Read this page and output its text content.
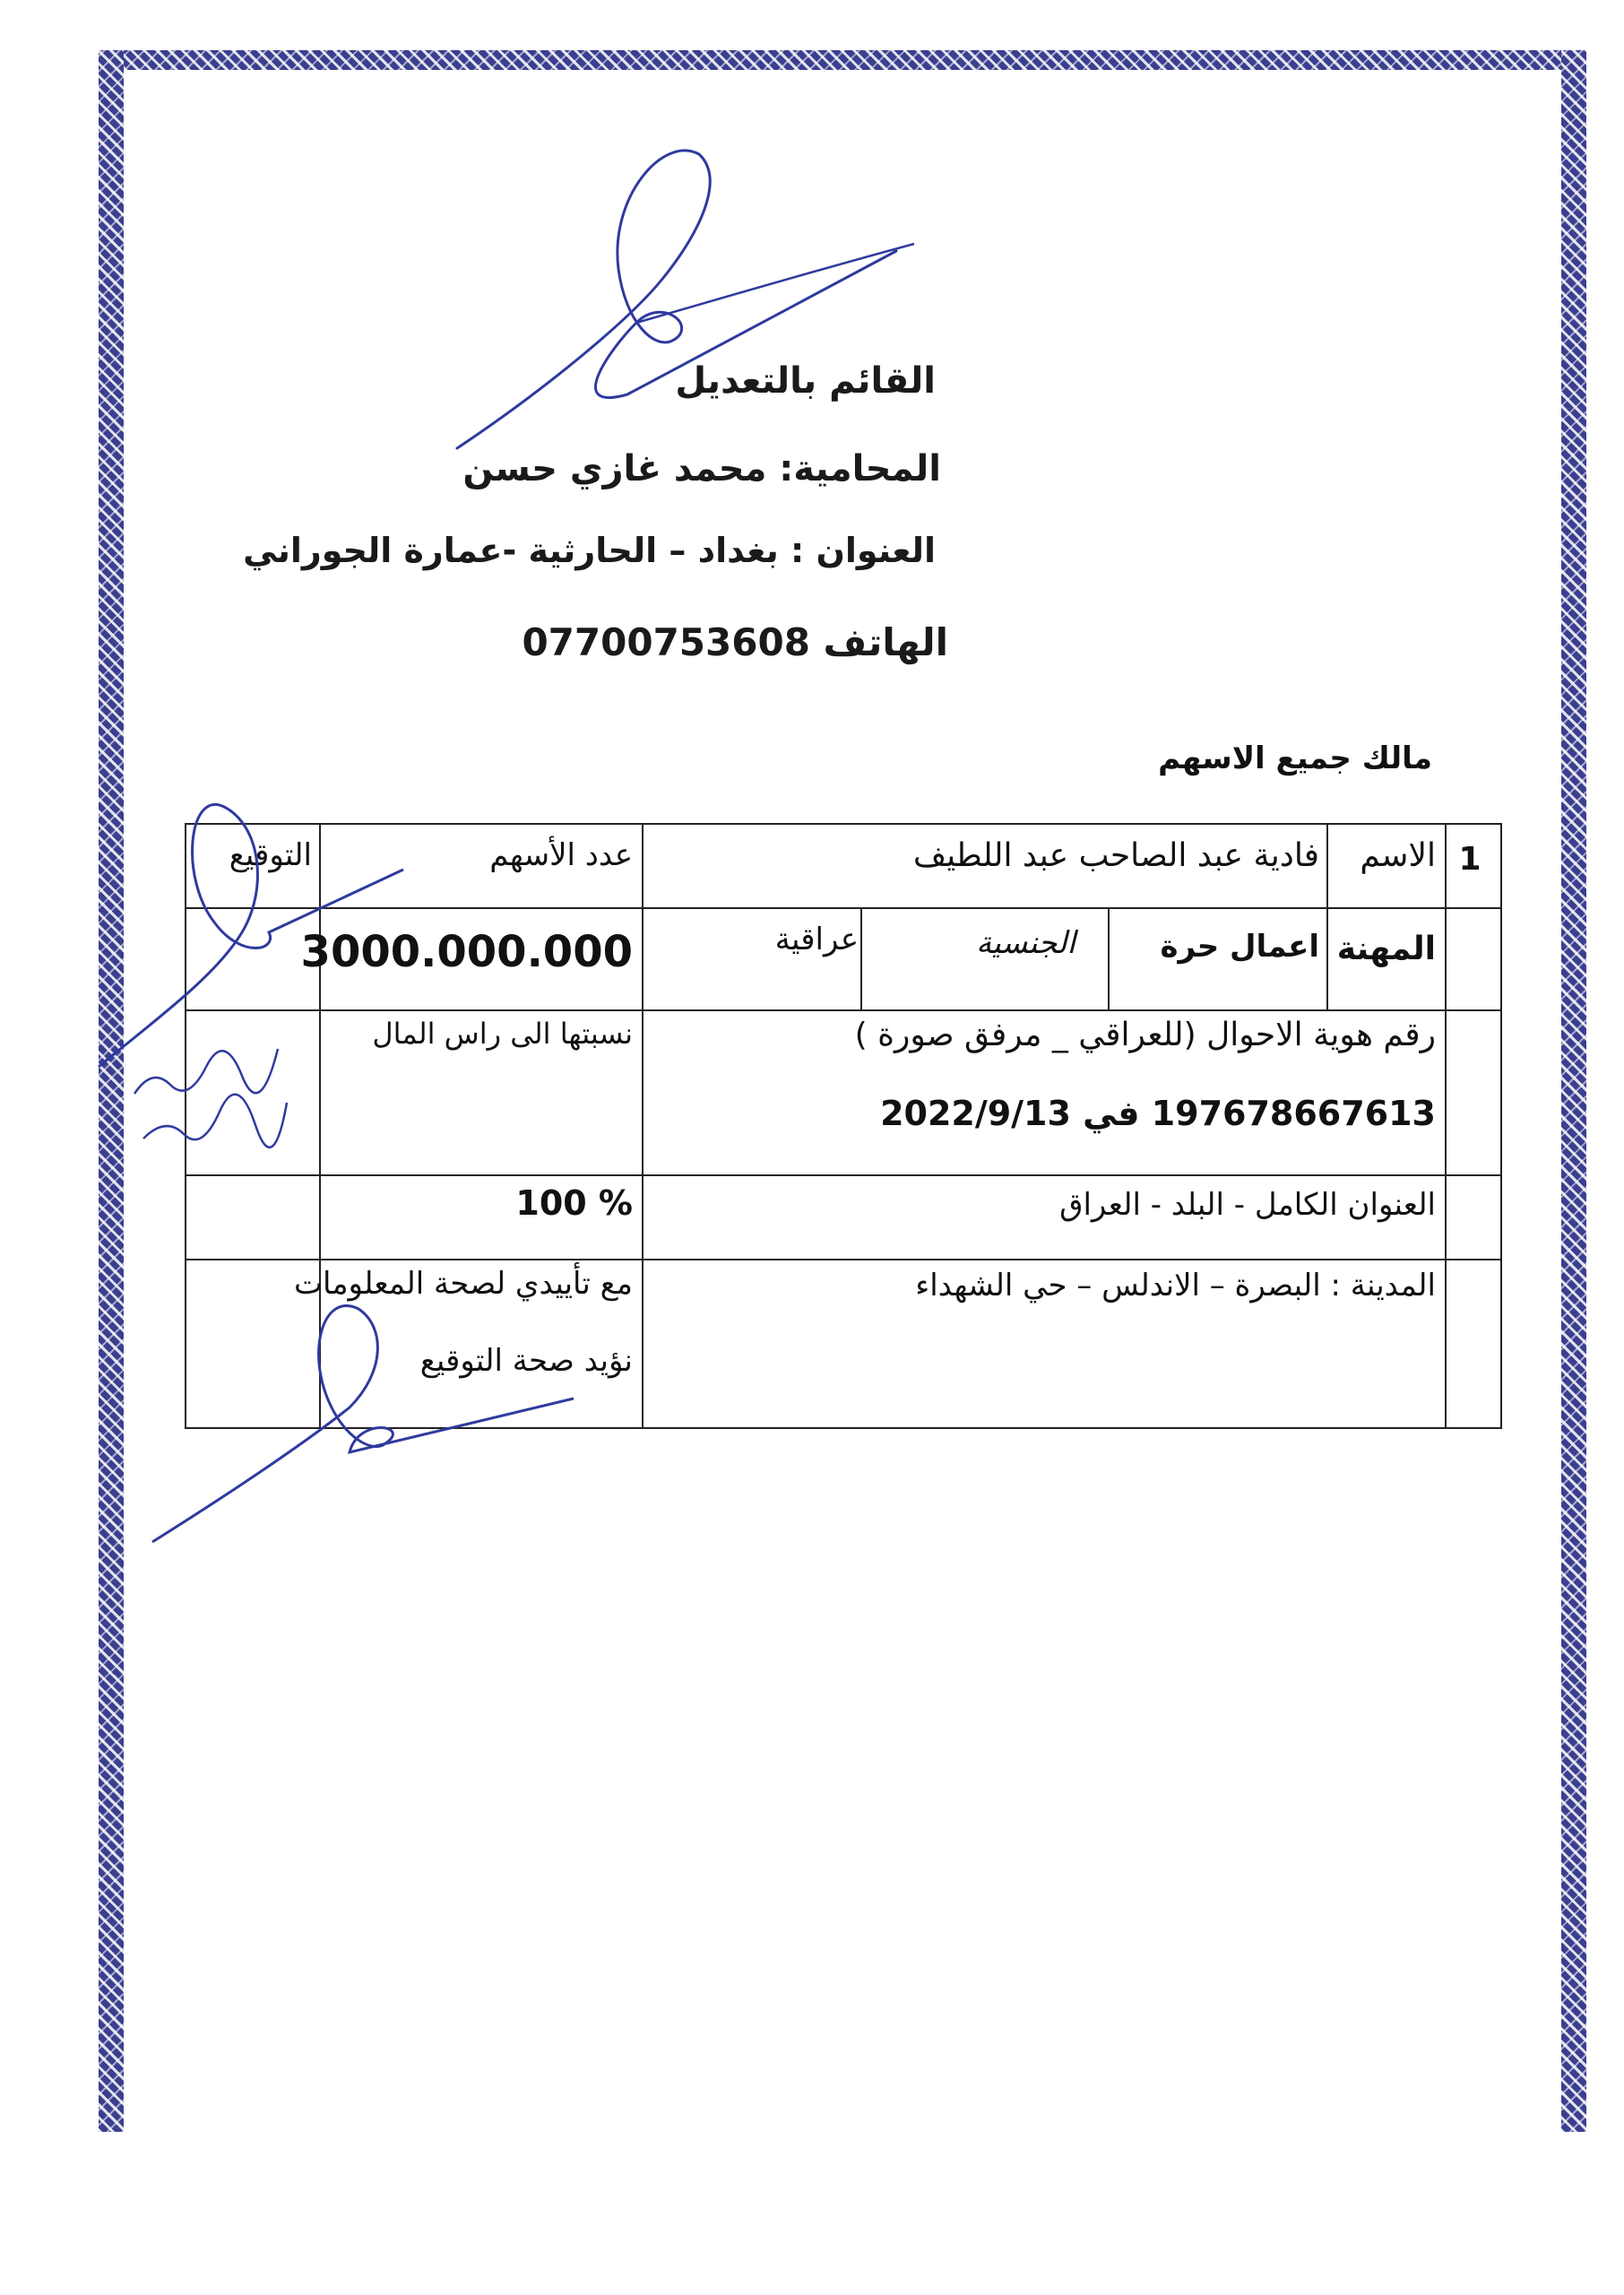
القائم بالتعديل
المحامية: محمد غازي حسن
العنوان : بغداد – الحارثية -عمارة الجوراني
الهاتف 07700753608
مالك جميع الاسهم
1
الاسم
فادية عبد الصاحب عبد اللطيف
عدد الأسهم
التوقيع
المهنة
اعمال حرة
الجنسية
عراقية
3000.000.000
رقم هوية الاحوال (للعراقي _ مرفق صورة )
197678667613 في 2022/9/13
نسبتها الى راس المال
العنوان الكامل - البلد - العراق
100 %
المدينة : البصرة – الاندلس – حي الشهداء
مع تأييدي لصحة المعلومات
نؤيد صحة التوقيع
